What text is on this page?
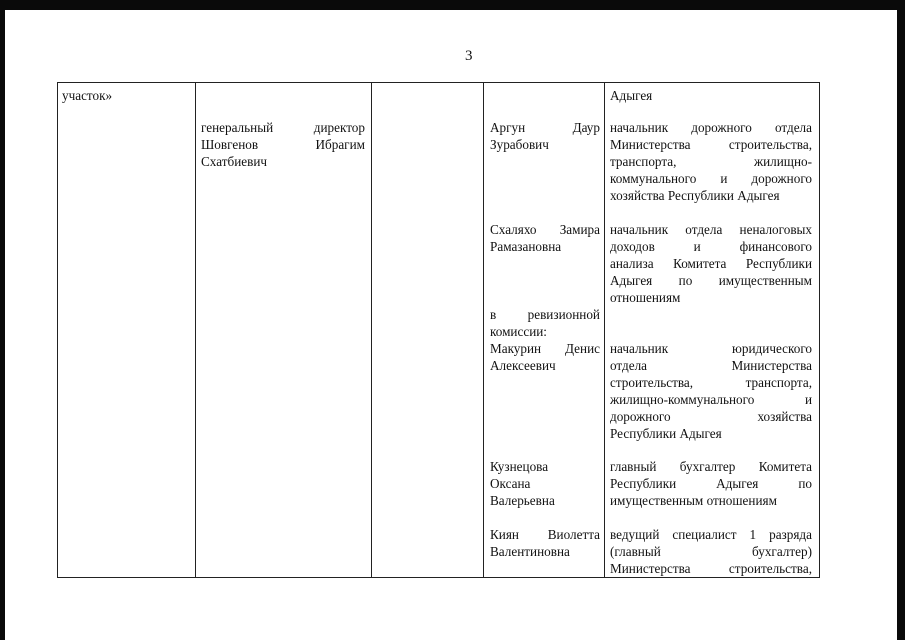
3
участок»
генеральный директор
Шовгенов Ибрагим
Схатбиевич
Аргун Даур
Зурабович
Схаляхо Замира
Рамазановна
в ревизионной
комиссии:
Макурин Денис
Алексеевич
Кузнецова
Оксана
Валерьевна
Киян Виолетта
Валентиновна
Адыгея
начальник дорожного отдела
Министерства строительства,
транспорта, жилищно-
коммунального и дорожного
хозяйства Республики Адыгея
начальник отдела неналоговых
доходов и финансового
анализа Комитета Республики
Адыгея по имущественным
отношениям
начальник юридического
отдела Министерства
строительства, транспорта,
жилищно-коммунального и
дорожного хозяйства
Республики Адыгея
главный бухгалтер Комитета
Республики Адыгея по
имущественным отношениям
ведущий специалист 1 разряда
(главный бухгалтер)
Министерства строительства,
